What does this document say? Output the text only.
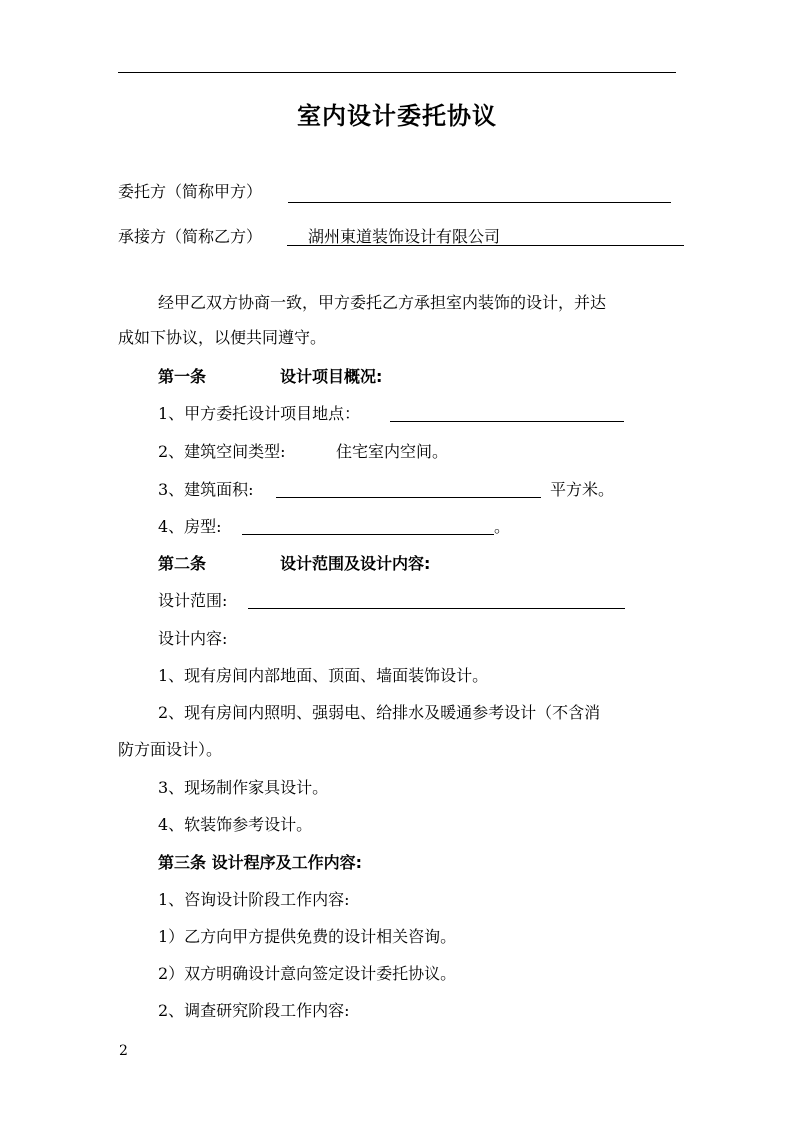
室内设计委托协议
委托方（简称甲方）
承接方（简称乙方）	湖州東道装饰设计有限公司
经甲乙双方协商一致，甲方委托乙方承担室内装饰的设计，并达
成如下协议，以便共同遵守。
第一条	设计项目概况:
1、甲方委托设计项目地点：
2、建筑空间类型:	住宅室内空间。
3、建筑面积:	平方米。
4、房型:	。
第二条	设计范围及设计内容:
设计范围:
设计内容:
1、现有房间内部地面、顶面、墙面装饰设计。
2、现有房间内照明、强弱电、给排水及暖通参考设计（不含消
防方面设计）。
3、现场制作家具设计。
4、软装饰参考设计。
第三条 设计程序及工作内容:
1、咨询设计阶段工作内容:
1）乙方向甲方提供免费的设计相关咨询。
2）双方明确设计意向签定设计委托协议。
2、调查研究阶段工作内容:
2
